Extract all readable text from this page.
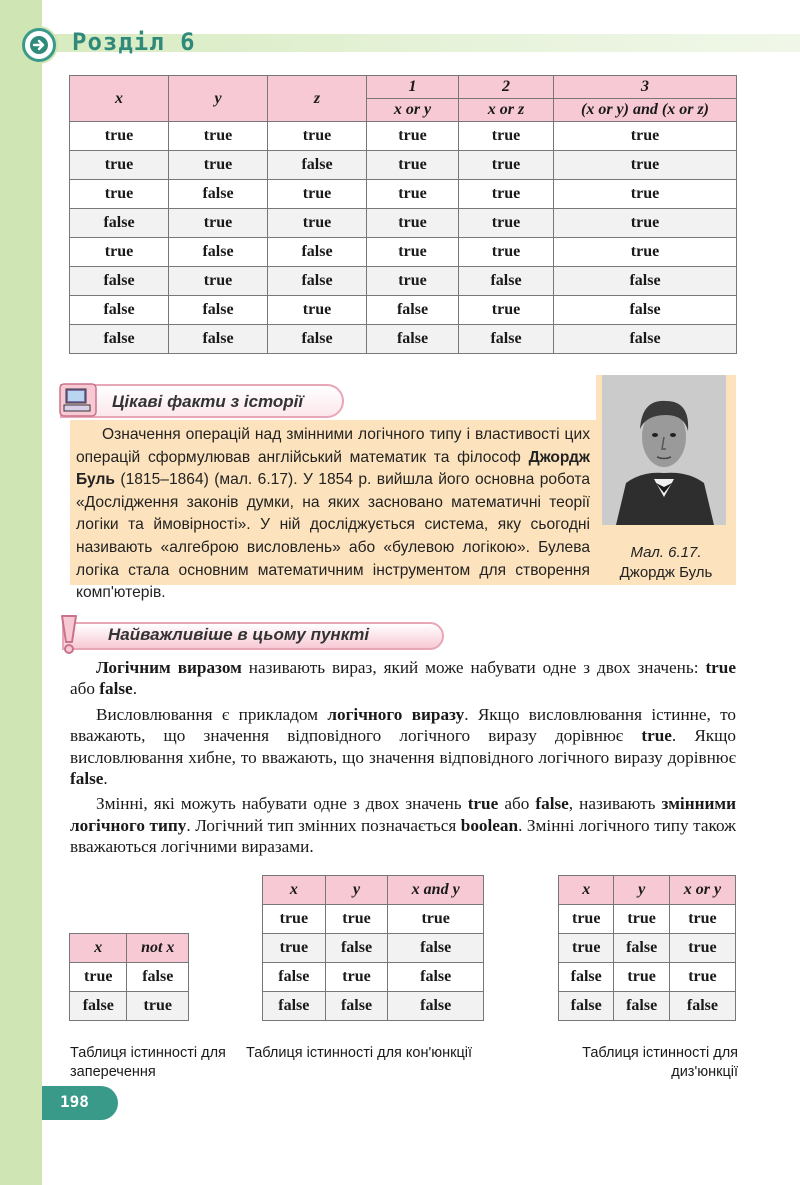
Розділ 6
x	y	z	1	2	3
			x or y	x or z	(x or y) and (x or z)
true	true	true	true	true	true
true	true	false	true	true	true
true	false	true	true	true	true
false	true	true	true	true	true
true	false	false	true	true	true
false	true	false	true	false	false
false	false	true	false	true	false
false	false	false	false	false	false
Цікаві факти з історії

Означення операцій над змінними логічного типу і властивості цих операцій сформулював англійський математик та філософ Джордж Буль (1815–1864) (мал. 6.17). У 1854 р. вийшла його основна робота «Дослідження законів думки, на яких засновано математичні теорії логіки та ймовірності». У ній досліджується система, яку сьогодні називають «алгеброю висловлень» або «булевою логікою». Булева логіка стала основним математичним інструментом для створення комп'ютерів.

Мал. 6.17.
Джордж Буль
Найважливіше в цьому пункті

Логічним виразом називають вираз, який може набувати одне з двох значень: true або false.

Висловлювання є прикладом логічного виразу. Якщо висловлювання істинне, то вважають, що значення відповідного логічного виразу дорівнює true. Якщо висловлювання хибне, то вважають, що значення відповідного логічного виразу дорівнює false.

Змінні, які можуть набувати одне з двох значень true або false, називають змінними логічного типу. Логічний тип змінних позначається boolean. Змінні логічного типу також вважаються логічними виразами.

x	not x
true	false
false	true
x	y	x and y
true	true	true
true	false	false
false	true	false
false	false	false
x	y	x or y
true	true	true
true	false	true
false	true	true
false	false	false
Таблиця істинності для заперечення
Таблиця істинності для кон'юнкції	Таблиця істинності для диз'юнкції
198
